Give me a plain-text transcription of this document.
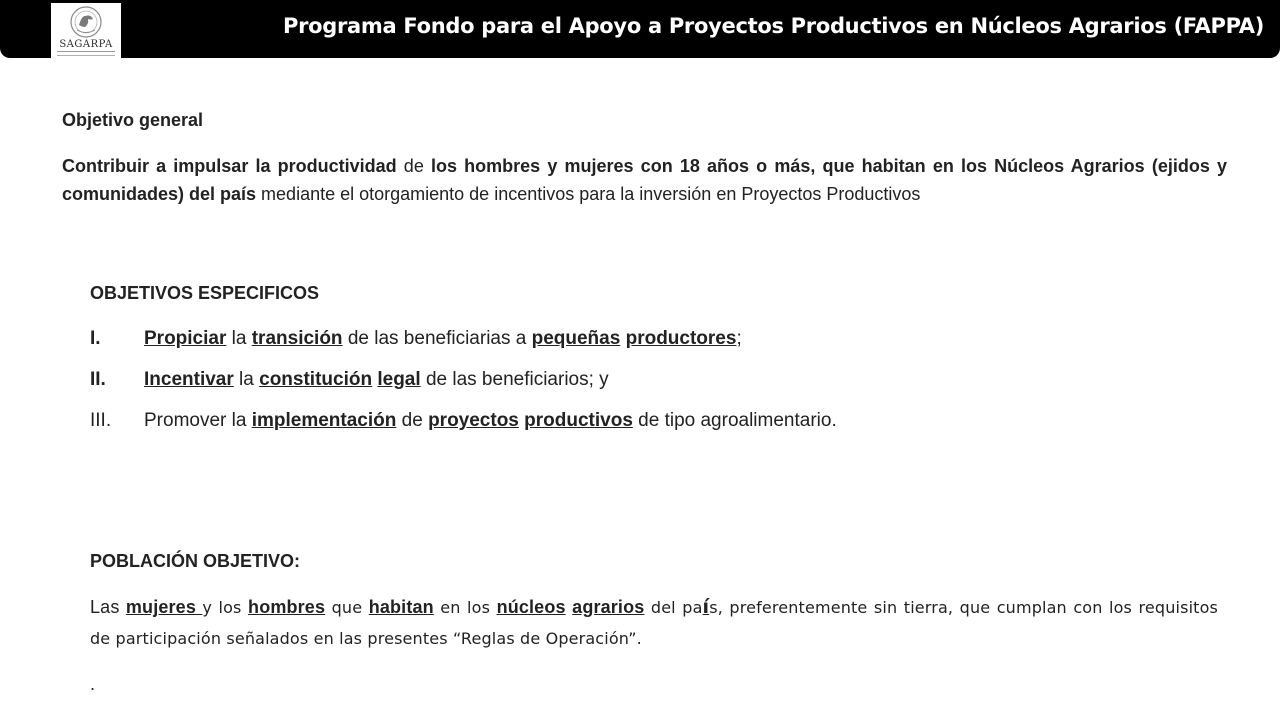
Programa Fondo para el Apoyo a Proyectos Productivos en Núcleos Agrarios (FAPPA)
SAGARPA

Objetivo general

Contribuir a impulsar la productividad de los hombres y mujeres con 18 años o más, que habitan en los Núcleos Agrarios (ejidos y comunidades) del país mediante el otorgamiento de incentivos para la inversión en Proyectos Productivos

OBJETIVOS ESPECIFICOS

I. Propiciar la transición de las beneficiarias a pequeñas productores;
II. Incentivar la constitución legal de las beneficiarios; y
III. Promover la implementación de proyectos productivos de tipo agroalimentario.

POBLACIÓN OBJETIVO:

Las mujeres y los hombres que habitan en los núcleos agrarios del país, preferentemente sin tierra, que cumplan con los requisitos de participación señalados en las presentes “Reglas de Operación”.

.
